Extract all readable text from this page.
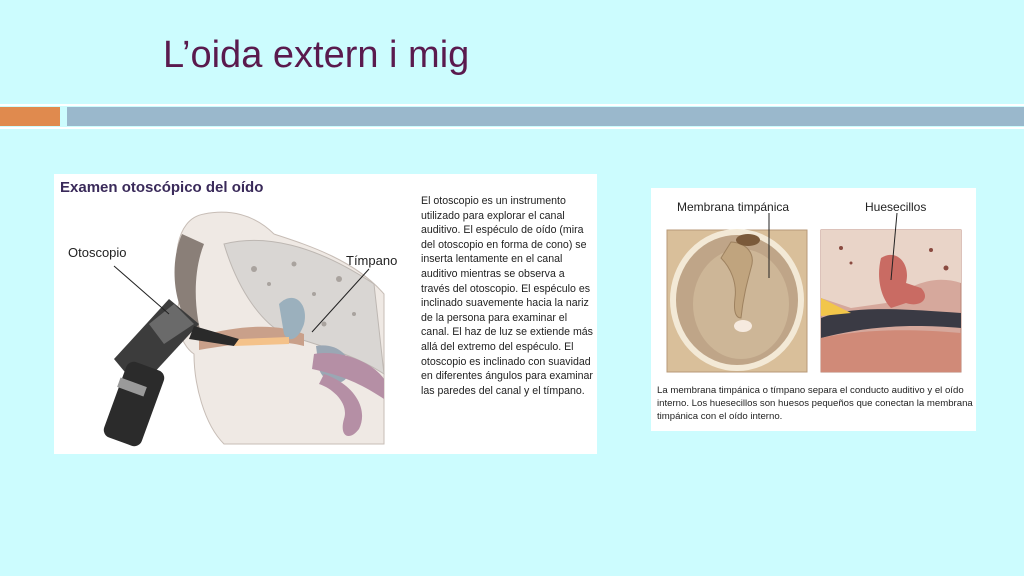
L’oida extern i mig
Examen otoscópico del oído
Otoscopio
Tímpano
El otoscopio es un instrumento utilizado para explorar el canal auditivo. El espéculo de oído (mira del otoscopio en forma de cono) se inserta lentamente en el canal auditivo mientras se observa a través del otoscopio. El espéculo es inclinado suavemente hacia la nariz de la persona para examinar el canal. El haz de luz se extiende más allá del extremo del espéculo. El otoscopio es inclinado con suavidad en diferentes ángulos para examinar las paredes del canal y el tímpano.
Membrana timpánica	Huesecillos
La membrana timpánica o tímpano separa el conducto auditivo y el oído interno. Los huesecillos son huesos pequeños que conectan la membrana timpánica con el oído interno.
